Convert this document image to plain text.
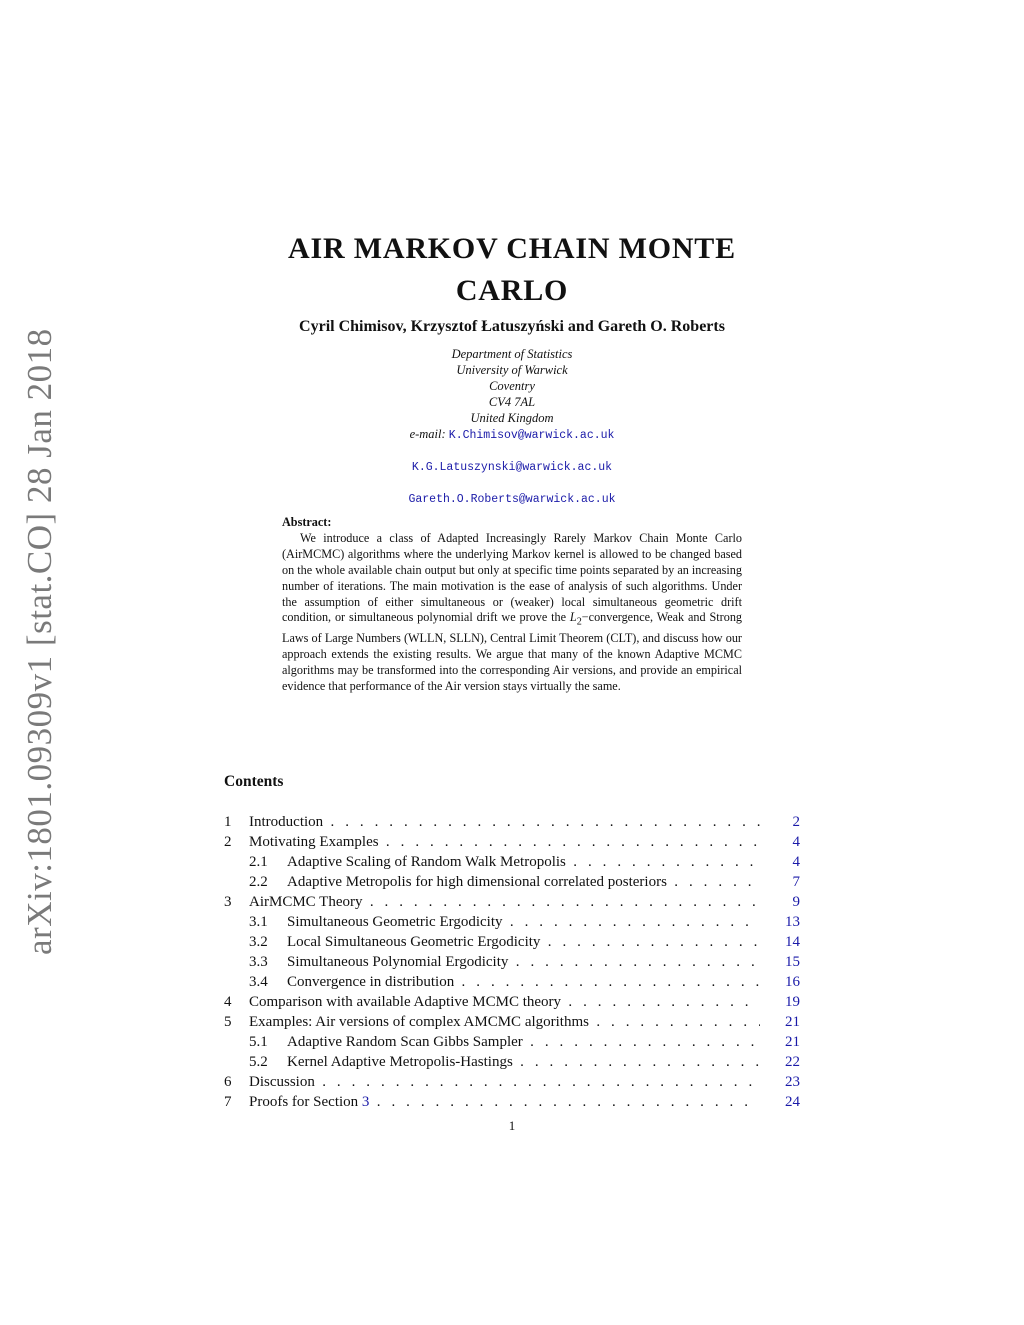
arXiv:1801.09309v1 [stat.CO] 28 Jan 2018
AIR MARKOV CHAIN MONTE
CARLO
Cyril Chimisov, Krzysztof Łatuszyński and Gareth O. Roberts
Department of Statistics
University of Warwick
Coventry
CV4 7AL
United Kingdom
e-mail: K.Chimisov@warwick.ac.uk
K.G.Latuszynski@warwick.ac.uk
Gareth.O.Roberts@warwick.ac.uk
Abstract:
We introduce a class of Adapted Increasingly Rarely Markov Chain Monte Carlo (AirMCMC) algorithms where the underlying Markov kernel is allowed to be changed based on the whole available chain output but only at specific time points separated by an increasing number of iterations. The main motivation is the ease of analysis of such algorithms. Under the assumption of either simultaneous or (weaker) local simultaneous geometric drift condition, or simultaneous polynomial drift we prove the $L_2-convergence$, Weak and Strong Laws of Large Numbers (WLLN, SLLN), Central Limit Theorem (CLT), and discuss how our approach extends the existing results. We argue that many of the known Adaptive MCMC algorithms may be transformed into the corresponding Air versions, and provide an empirical evidence that performance of the Air version stays virtually the same.
Contents
1 Introduction . . .	2
2 Motivating Examples . . .	4
2.1 Adaptive Scaling of Random Walk Metropolis . . .	4
2.2 Adaptive Metropolis for high dimensional correlated posteriors . . .	7
3 AirMCMC Theory . . .	9
3.1 Simultaneous Geometric Ergodicity . . .	13
3.2 Local Simultaneous Geometric Ergodicity . . .	14
3.3 Simultaneous Polynomial Ergodicity . . .	15
3.4 Convergence in distribution . . .	16
4 Comparison with available Adaptive MCMC theory . . .	19
5 Examples: Air versions of complex AMCMC algorithms . . .	21
5.1 Adaptive Random Scan Gibbs Sampler . . .	21
5.2 Kernel Adaptive Metropolis-Hastings . . .	22
6 Discussion . . .	23
7 Proofs for Section 3 . . .	24
1
